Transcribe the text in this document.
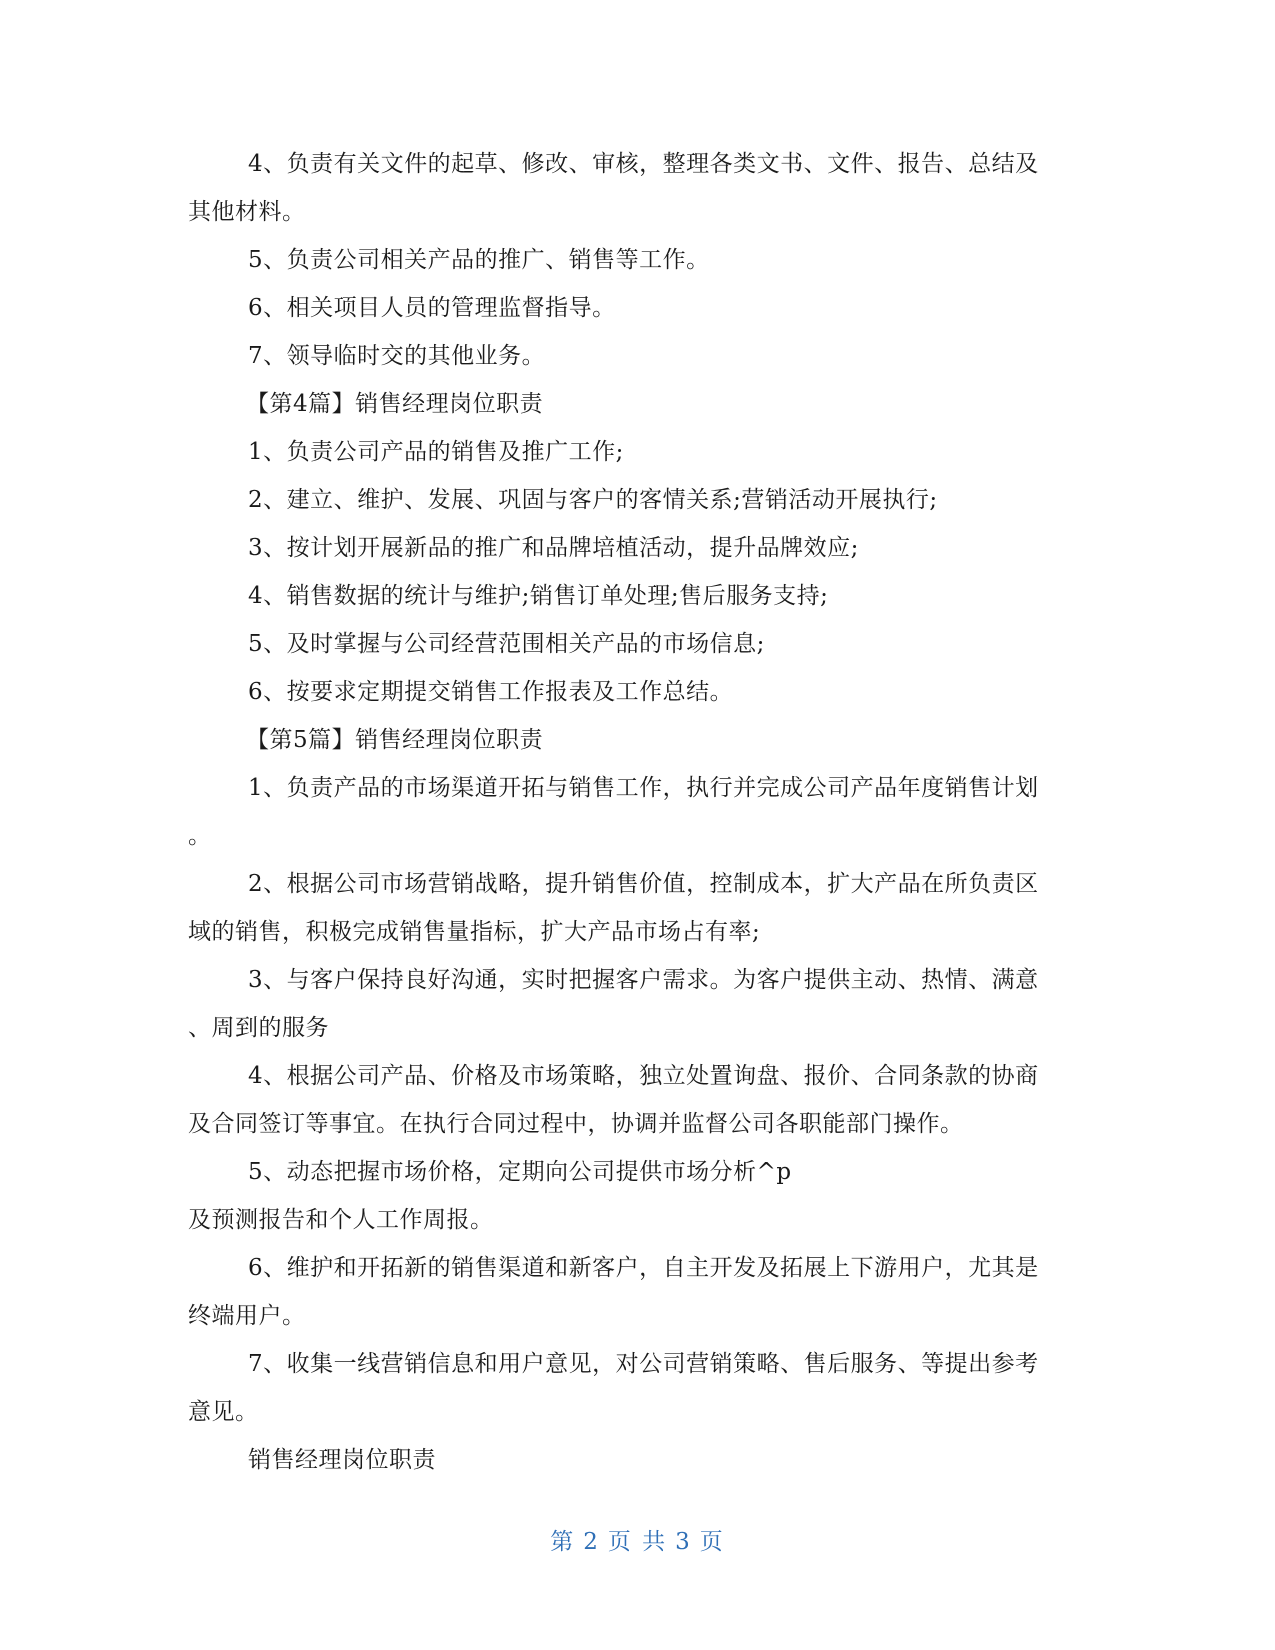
4、负责有关文件的起草、修改、审核，整理各类文书、文件、报告、总结及
其他材料。
5、负责公司相关产品的推广、销售等工作。
6、相关项目人员的管理监督指导。
7、领导临时交的其他业务。
【第4篇】销售经理岗位职责
1、负责公司产品的销售及推广工作;
2、建立、维护、发展、巩固与客户的客情关系;营销活动开展执行;
3、按计划开展新品的推广和品牌培植活动，提升品牌效应;
4、销售数据的统计与维护;销售订单处理;售后服务支持;
5、及时掌握与公司经营范围相关产品的市场信息;
6、按要求定期提交销售工作报表及工作总结。
【第5篇】销售经理岗位职责
1、负责产品的市场渠道开拓与销售工作，执行并完成公司产品年度销售计划
。
2、根据公司市场营销战略，提升销售价值，控制成本，扩大产品在所负责区
域的销售，积极完成销售量指标，扩大产品市场占有率;
3、与客户保持良好沟通，实时把握客户需求。为客户提供主动、热情、满意
、周到的服务
4、根据公司产品、价格及市场策略，独立处置询盘、报价、合同条款的协商
及合同签订等事宜。在执行合同过程中，协调并监督公司各职能部门操作。
5、动态把握市场价格，定期向公司提供市场分析^p
及预测报告和个人工作周报。
6、维护和开拓新的销售渠道和新客户，自主开发及拓展上下游用户，尤其是
终端用户。
7、收集一线营销信息和用户意见，对公司营销策略、售后服务、等提出参考
意见。
销售经理岗位职责
第 2 页 共 3 页
